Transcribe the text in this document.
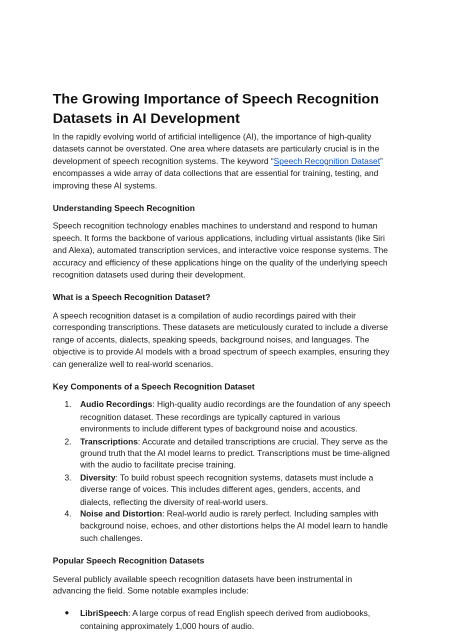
The Growing Importance of Speech Recognition Datasets in AI Development

In the rapidly evolving world of artificial intelligence (AI), the importance of high-quality datasets cannot be overstated. One area where datasets are particularly crucial is in the development of speech recognition systems. The keyword “Speech Recognition Dataset” encompasses a wide array of data collections that are essential for training, testing, and improving these AI systems.

Understanding Speech Recognition

Speech recognition technology enables machines to understand and respond to human speech. It forms the backbone of various applications, including virtual assistants (like Siri and Alexa), automated transcription services, and interactive voice response systems. The accuracy and efficiency of these applications hinge on the quality of the underlying speech recognition datasets used during their development.

What is a Speech Recognition Dataset?

A speech recognition dataset is a compilation of audio recordings paired with their corresponding transcriptions. These datasets are meticulously curated to include a diverse range of accents, dialects, speaking speeds, background noises, and languages. The objective is to provide AI models with a broad spectrum of speech examples, ensuring they can generalize well to real-world scenarios.

Key Components of a Speech Recognition Dataset

1. Audio Recordings: High-quality audio recordings are the foundation of any speech recognition dataset. These recordings are typically captured in various environments to include different types of background noise and acoustics.
2. Transcriptions: Accurate and detailed transcriptions are crucial. They serve as the ground truth that the AI model learns to predict. Transcriptions must be time-aligned with the audio to facilitate precise training.
3. Diversity: To build robust speech recognition systems, datasets must include a diverse range of voices. This includes different ages, genders, accents, and dialects, reflecting the diversity of real-world users.
4. Noise and Distortion: Real-world audio is rarely perfect. Including samples with background noise, echoes, and other distortions helps the AI model learn to handle such challenges.

Popular Speech Recognition Datasets

Several publicly available speech recognition datasets have been instrumental in advancing the field. Some notable examples include:

● LibriSpeech: A large corpus of read English speech derived from audiobooks, containing approximately 1,000 hours of audio.
